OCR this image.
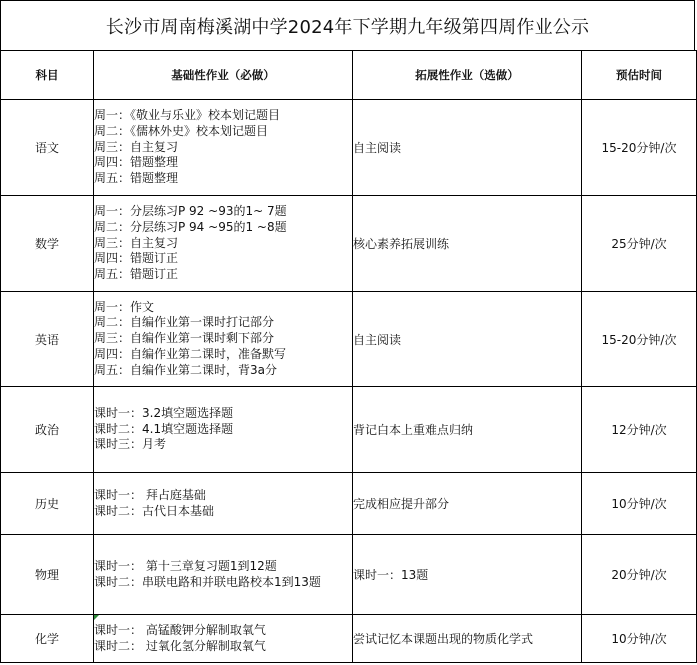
长沙市周南梅溪湖中学2024年下学期九年级第四周作业公示
科目	基础性作业（必做）	拓展性作业（选做）	预估时间
语文	周一：《敬业与乐业》校本划记题目
周二：《儒林外史》校本划记题目
周三：自主复习
周四：错题整理
周五：错题整理	自主阅读	15-20分钟/次
数学	周一：分层练习P 92 ~93的1~ 7题
周二：分层练习P 94 ~95的1 ~8题
周三：自主复习
周四：错题订正
周五：错题订正	核心素养拓展训练	25分钟/次
英语	周一：作文
周二：自编作业第一课时打记部分
周三：自编作业第一课时剩下部分
周四：自编作业第二课时，准备默写
周五：自编作业第二课时，背3a分	自主阅读	15-20分钟/次
政治	课时一：3.2填空题选择题
课时二：4.1填空题选择题
课时三：月考	背记白本上重难点归纳	12分钟/次
历史	课时一： 拜占庭基础
课时二：古代日本基础	完成相应提升部分	10分钟/次
物理	课时一： 第十三章复习题1到12题
课时二：串联电路和并联电路校本1到13题	课时一：13题	20分钟/次
化学	课时一： 高锰酸钾分解制取氧气
课时二： 过氧化氢分解制取氧气	尝试记忆本课题出现的物质化学式	10分钟/次
